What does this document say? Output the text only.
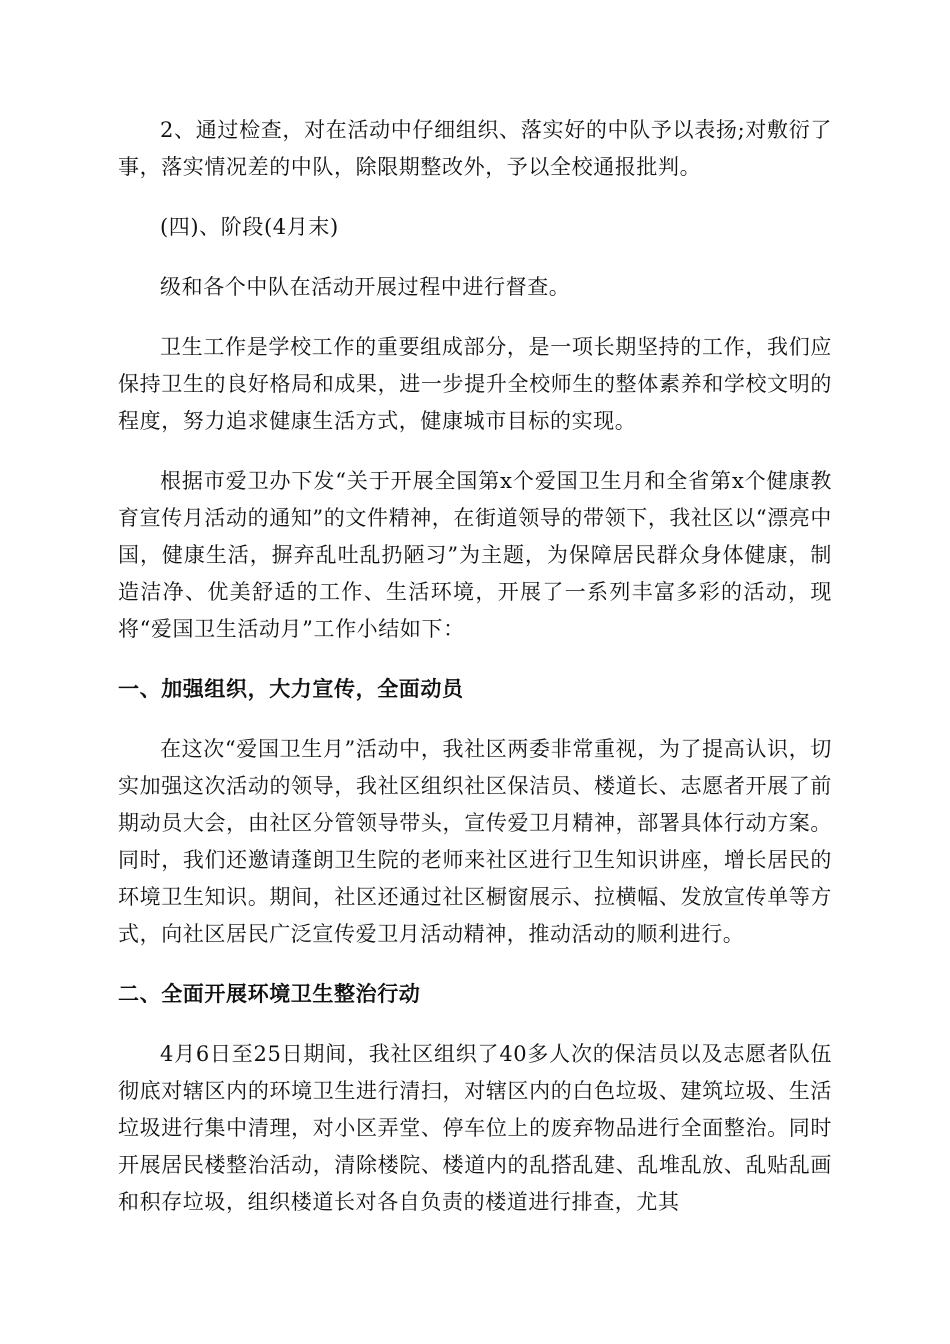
2、通过检查，对在活动中仔细组织、落实好的中队予以表扬;对敷衍了事，落实情况差的中队，除限期整改外，予以全校通报批判。

(四)、阶段(4月末)

级和各个中队在活动开展过程中进行督查。

卫生工作是学校工作的重要组成部分，是一项长期坚持的工作，我们应保持卫生的良好格局和成果，进一步提升全校师生的整体素养和学校文明的程度，努力追求健康生活方式，健康城市目标的实现。

根据市爱卫办下发“关于开展全国第x个爱国卫生月和全省第x个健康教育宣传月活动的通知”的文件精神，在街道领导的带领下，我社区以“漂亮中国，健康生活，摒弃乱吐乱扔陋习”为主题，为保障居民群众身体健康，制造洁净、优美舒适的工作、生活环境，开展了一系列丰富多彩的活动，现将“爱国卫生活动月”工作小结如下：

一、加强组织，大力宣传，全面动员

在这次“爱国卫生月”活动中，我社区两委非常重视，为了提高认识，切实加强这次活动的领导，我社区组织社区保洁员、楼道长、志愿者开展了前期动员大会，由社区分管领导带头，宣传爱卫月精神，部署具体行动方案。同时，我们还邀请蓬朗卫生院的老师来社区进行卫生知识讲座，增长居民的环境卫生知识。期间，社区还通过社区橱窗展示、拉横幅、发放宣传单等方式，向社区居民广泛宣传爱卫月活动精神，推动活动的顺利进行。

二、全面开展环境卫生整治行动

4月6日至25日期间，我社区组织了40多人次的保洁员以及志愿者队伍彻底对辖区内的环境卫生进行清扫，对辖区内的白色垃圾、建筑垃圾、生活垃圾进行集中清理，对小区弄堂、停车位上的废弃物品进行全面整治。同时开展居民楼整治活动，清除楼院、楼道内的乱搭乱建、乱堆乱放、乱贴乱画和积存垃圾，组织楼道长对各自负责的楼道进行排查，尤其
